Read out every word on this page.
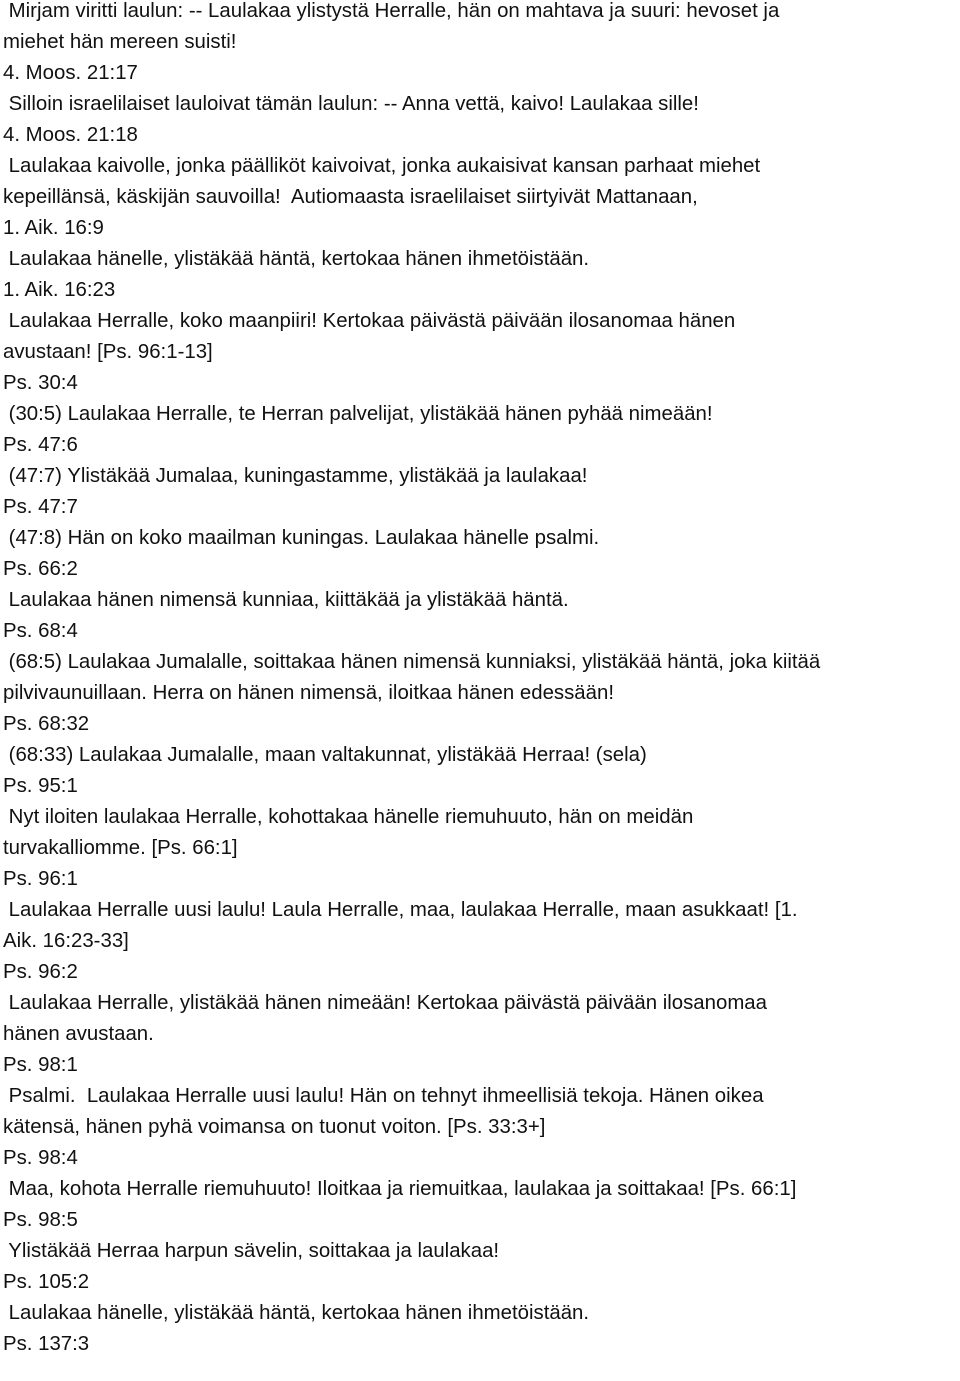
Mirjam viritti laulun: -- Laulakaa ylistystä Herralle, hän on mahtava ja suuri: hevoset ja
miehet hän mereen suisti!
4. Moos. 21:17
Silloin israelilaiset lauloivat tämän laulun: -- Anna vettä, kaivo! Laulakaa sille!
4. Moos. 21:18
Laulakaa kaivolle, jonka päälliköt kaivoivat, jonka aukaisivat kansan parhaat miehet
kepeillänsä, käskijän sauvoilla!  Autiomaasta israelilaiset siirtyivät Mattanaan,
1. Aik. 16:9
Laulakaa hänelle, ylistäkää häntä, kertokaa hänen ihmetöistään.
1. Aik. 16:23
Laulakaa Herralle, koko maanpiiri! Kertokaa päivästä päivään ilosanomaa hänen
avustaan! [Ps. 96:1-13]
Ps. 30:4
(30:5) Laulakaa Herralle, te Herran palvelijat, ylistäkää hänen pyhää nimeään!
Ps. 47:6
(47:7) Ylistäkää Jumalaa, kuningastamme, ylistäkää ja laulakaa!
Ps. 47:7
(47:8) Hän on koko maailman kuningas. Laulakaa hänelle psalmi.
Ps. 66:2
Laulakaa hänen nimensä kunniaa, kiittäkää ja ylistäkää häntä.
Ps. 68:4
(68:5) Laulakaa Jumalalle, soittakaa hänen nimensä kunniaksi, ylistäkää häntä, joka kiitää
pilvivaunuillaan. Herra on hänen nimensä, iloitkaa hänen edessään!
Ps. 68:32
(68:33) Laulakaa Jumalalle, maan valtakunnat, ylistäkää Herraa! (sela)
Ps. 95:1
Nyt iloiten laulakaa Herralle, kohottakaa hänelle riemuhuuto, hän on meidän
turvakalliomme. [Ps. 66:1]
Ps. 96:1
Laulakaa Herralle uusi laulu! Laula Herralle, maa, laulakaa Herralle, maan asukkaat! [1.
Aik. 16:23-33]
Ps. 96:2
Laulakaa Herralle, ylistäkää hänen nimeään! Kertokaa päivästä päivään ilosanomaa
hänen avustaan.
Ps. 98:1
Psalmi.  Laulakaa Herralle uusi laulu! Hän on tehnyt ihmeellisiä tekoja. Hänen oikea
kätensä, hänen pyhä voimansa on tuonut voiton. [Ps. 33:3+]
Ps. 98:4
Maa, kohota Herralle riemuhuuto! Iloitkaa ja riemuitkaa, laulakaa ja soittakaa! [Ps. 66:1]
Ps. 98:5
Ylistäkää Herraa harpun sävelin, soittakaa ja laulakaa!
Ps. 105:2
Laulakaa hänelle, ylistäkää häntä, kertokaa hänen ihmetöistään.
Ps. 137:3
